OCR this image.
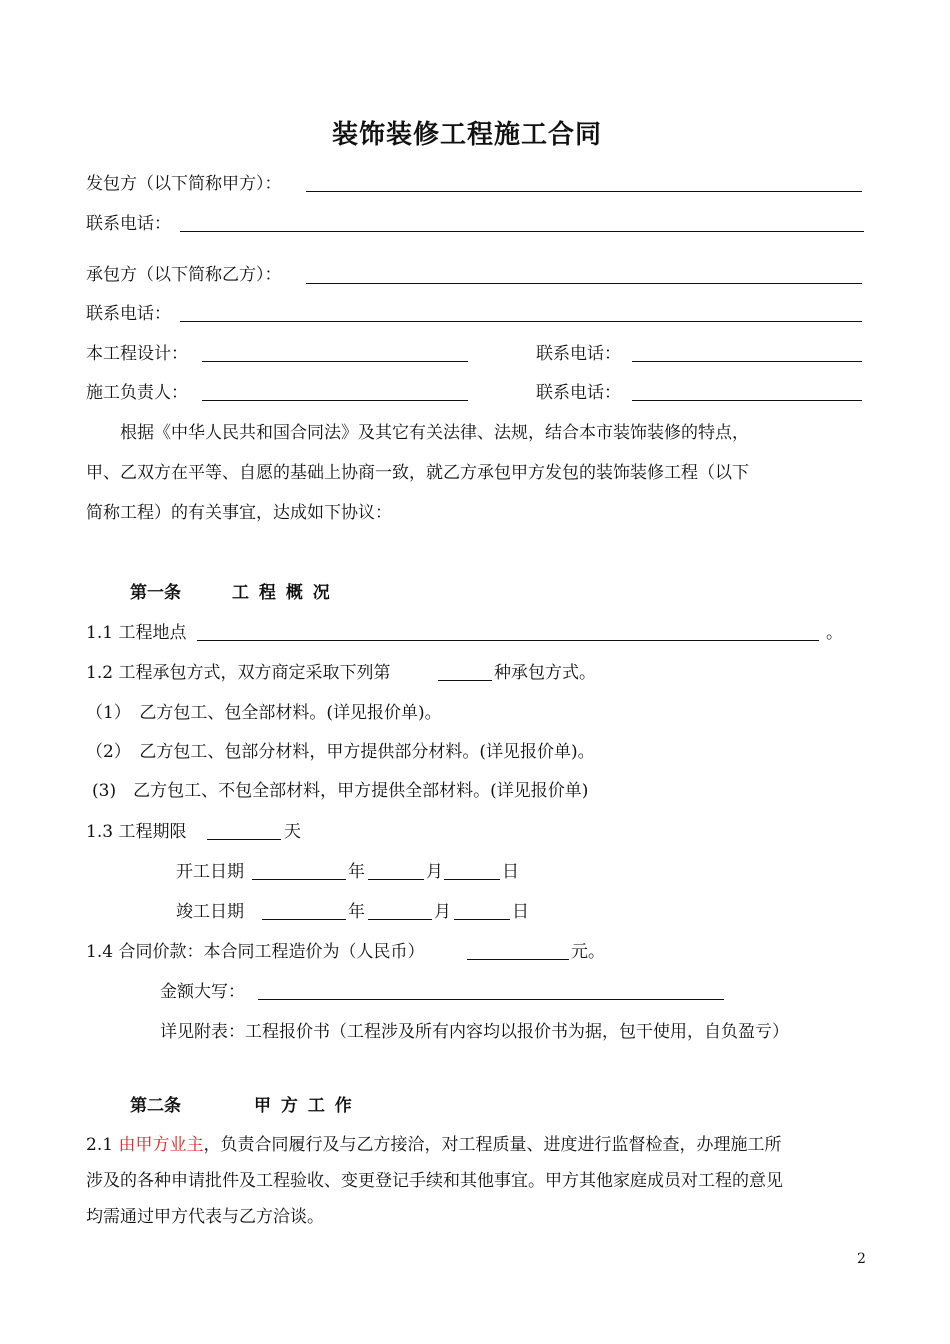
装饰装修工程施工合同
发包方（以下简称甲方）：
联系电话：
承包方（以下简称乙方）：
联系电话：
本工程设计：	联系电话：
施工负责人：	联系电话：
根据《中华人民共和国合同法》及其它有关法律、法规，结合本市装饰装修的特点，
甲、乙双方在平等、自愿的基础上协商一致，就乙方承包甲方发包的装饰装修工程（以下
简称工程）的有关事宜，达成如下协议：
第一条	工 程 概 况
1.1 工程地点	。
1.2 工程承包方式，双方商定采取下列第	种承包方式。
（1）　乙方包工、包全部材料。(详见报价单)。
（2）　乙方包工、包部分材料，甲方提供部分材料。(详见报价单)。
(3)　乙方包工、不包全部材料，甲方提供全部材料。(详见报价单)
1.3 工程期限	天
开工日期	年	月	日
竣工日期	年	月	日
1.4 合同价款：本合同工程造价为（人民币）	元。
金额大写：
详见附表：工程报价书（工程涉及所有内容均以报价书为据，包干使用，自负盈亏）
第二条	甲 方 工 作
2.1 由甲方业主，负责合同履行及与乙方接洽，对工程质量、进度进行监督检查，办理施工所
涉及的各种申请批件及工程验收、变更登记手续和其他事宜。甲方其他家庭成员对工程的意见
均需通过甲方代表与乙方洽谈。
2
